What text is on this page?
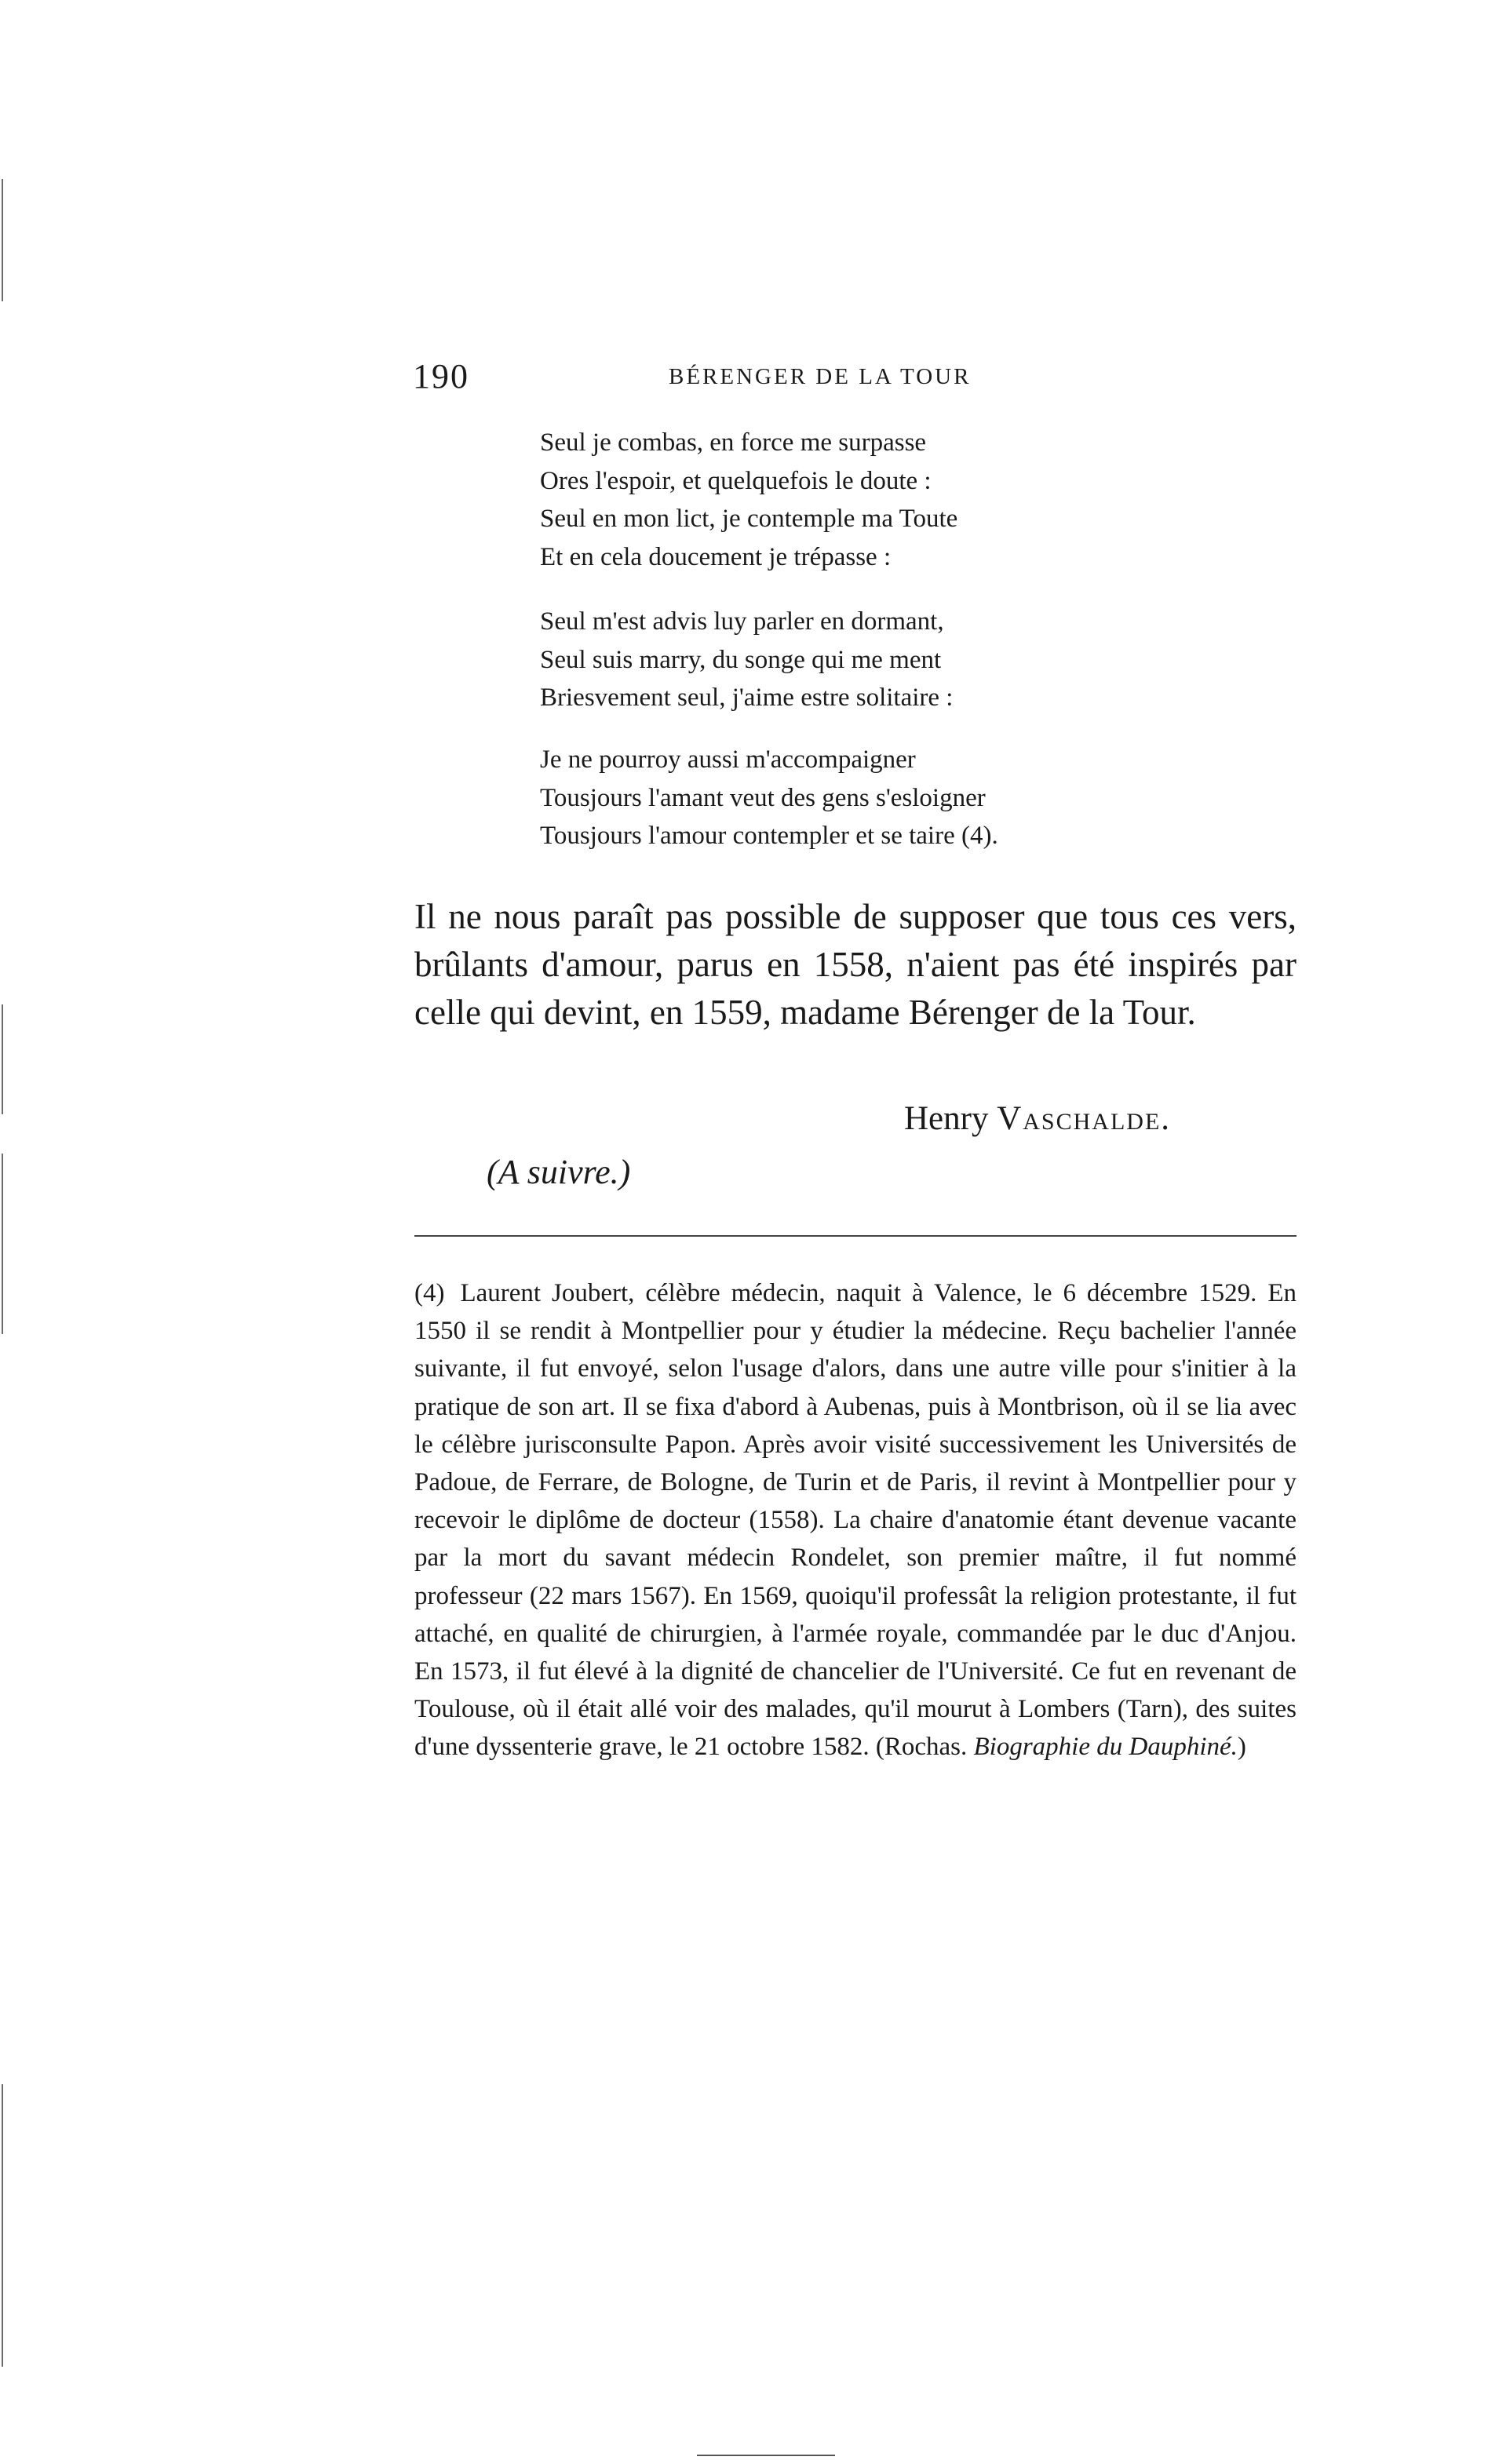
190	BÉRENGER DE LA TOUR
Seul je combas, en force me surpasse
Ores l'espoir, et quelquefois le doute :
Seul en mon lict, je contemple ma Toute
Et en cela doucement je trépasse :
Seul m'est advis luy parler en dormant,
Seul suis marry, du songe qui me ment
Briesvement seul, j'aime estre solitaire :
Je ne pourroy aussi m'accompaigner
Tousjours l'amant veut des gens s'esloigner
Tousjours l'amour contempler et se taire (4).
Il ne nous paraît pas possible de supposer que tous ces vers, brûlants d'amour, parus en 1558, n'aient pas été inspirés par celle qui devint, en 1559, madame Bérenger de la Tour.
Henry Vaschalde.
(A suivre.)
(4) Laurent Joubert, célèbre médecin, naquit à Valence, le 6 décembre 1529. En 1550 il se rendit à Montpellier pour y étudier la médecine. Reçu bachelier l'année suivante, il fut envoyé, selon l'usage d'alors, dans une autre ville pour s'initier à la pratique de son art. Il se fixa d'abord à Aubenas, puis à Montbrison, où il se lia avec le célèbre jurisconsulte Papon. Après avoir visité successivement les Universités de Padoue, de Ferrare, de Bologne, de Turin et de Paris, il revint à Montpellier pour y recevoir le diplôme de docteur (1558). La chaire d'anatomie étant devenue vacante par la mort du savant médecin Rondelet, son premier maître, il fut nommé professeur (22 mars 1567). En 1569, quoiqu'il professât la religion protestante, il fut attaché, en qualité de chirurgien, à l'armée royale, commandée par le duc d'Anjou. En 1573, il fut élevé à la dignité de chancelier de l'Université. Ce fut en revenant de Toulouse, où il était allé voir des malades, qu'il mourut à Lombers (Tarn), des suites d'une dyssenterie grave, le 21 octobre 1582. (Rochas. Biographie du Dauphiné.)
